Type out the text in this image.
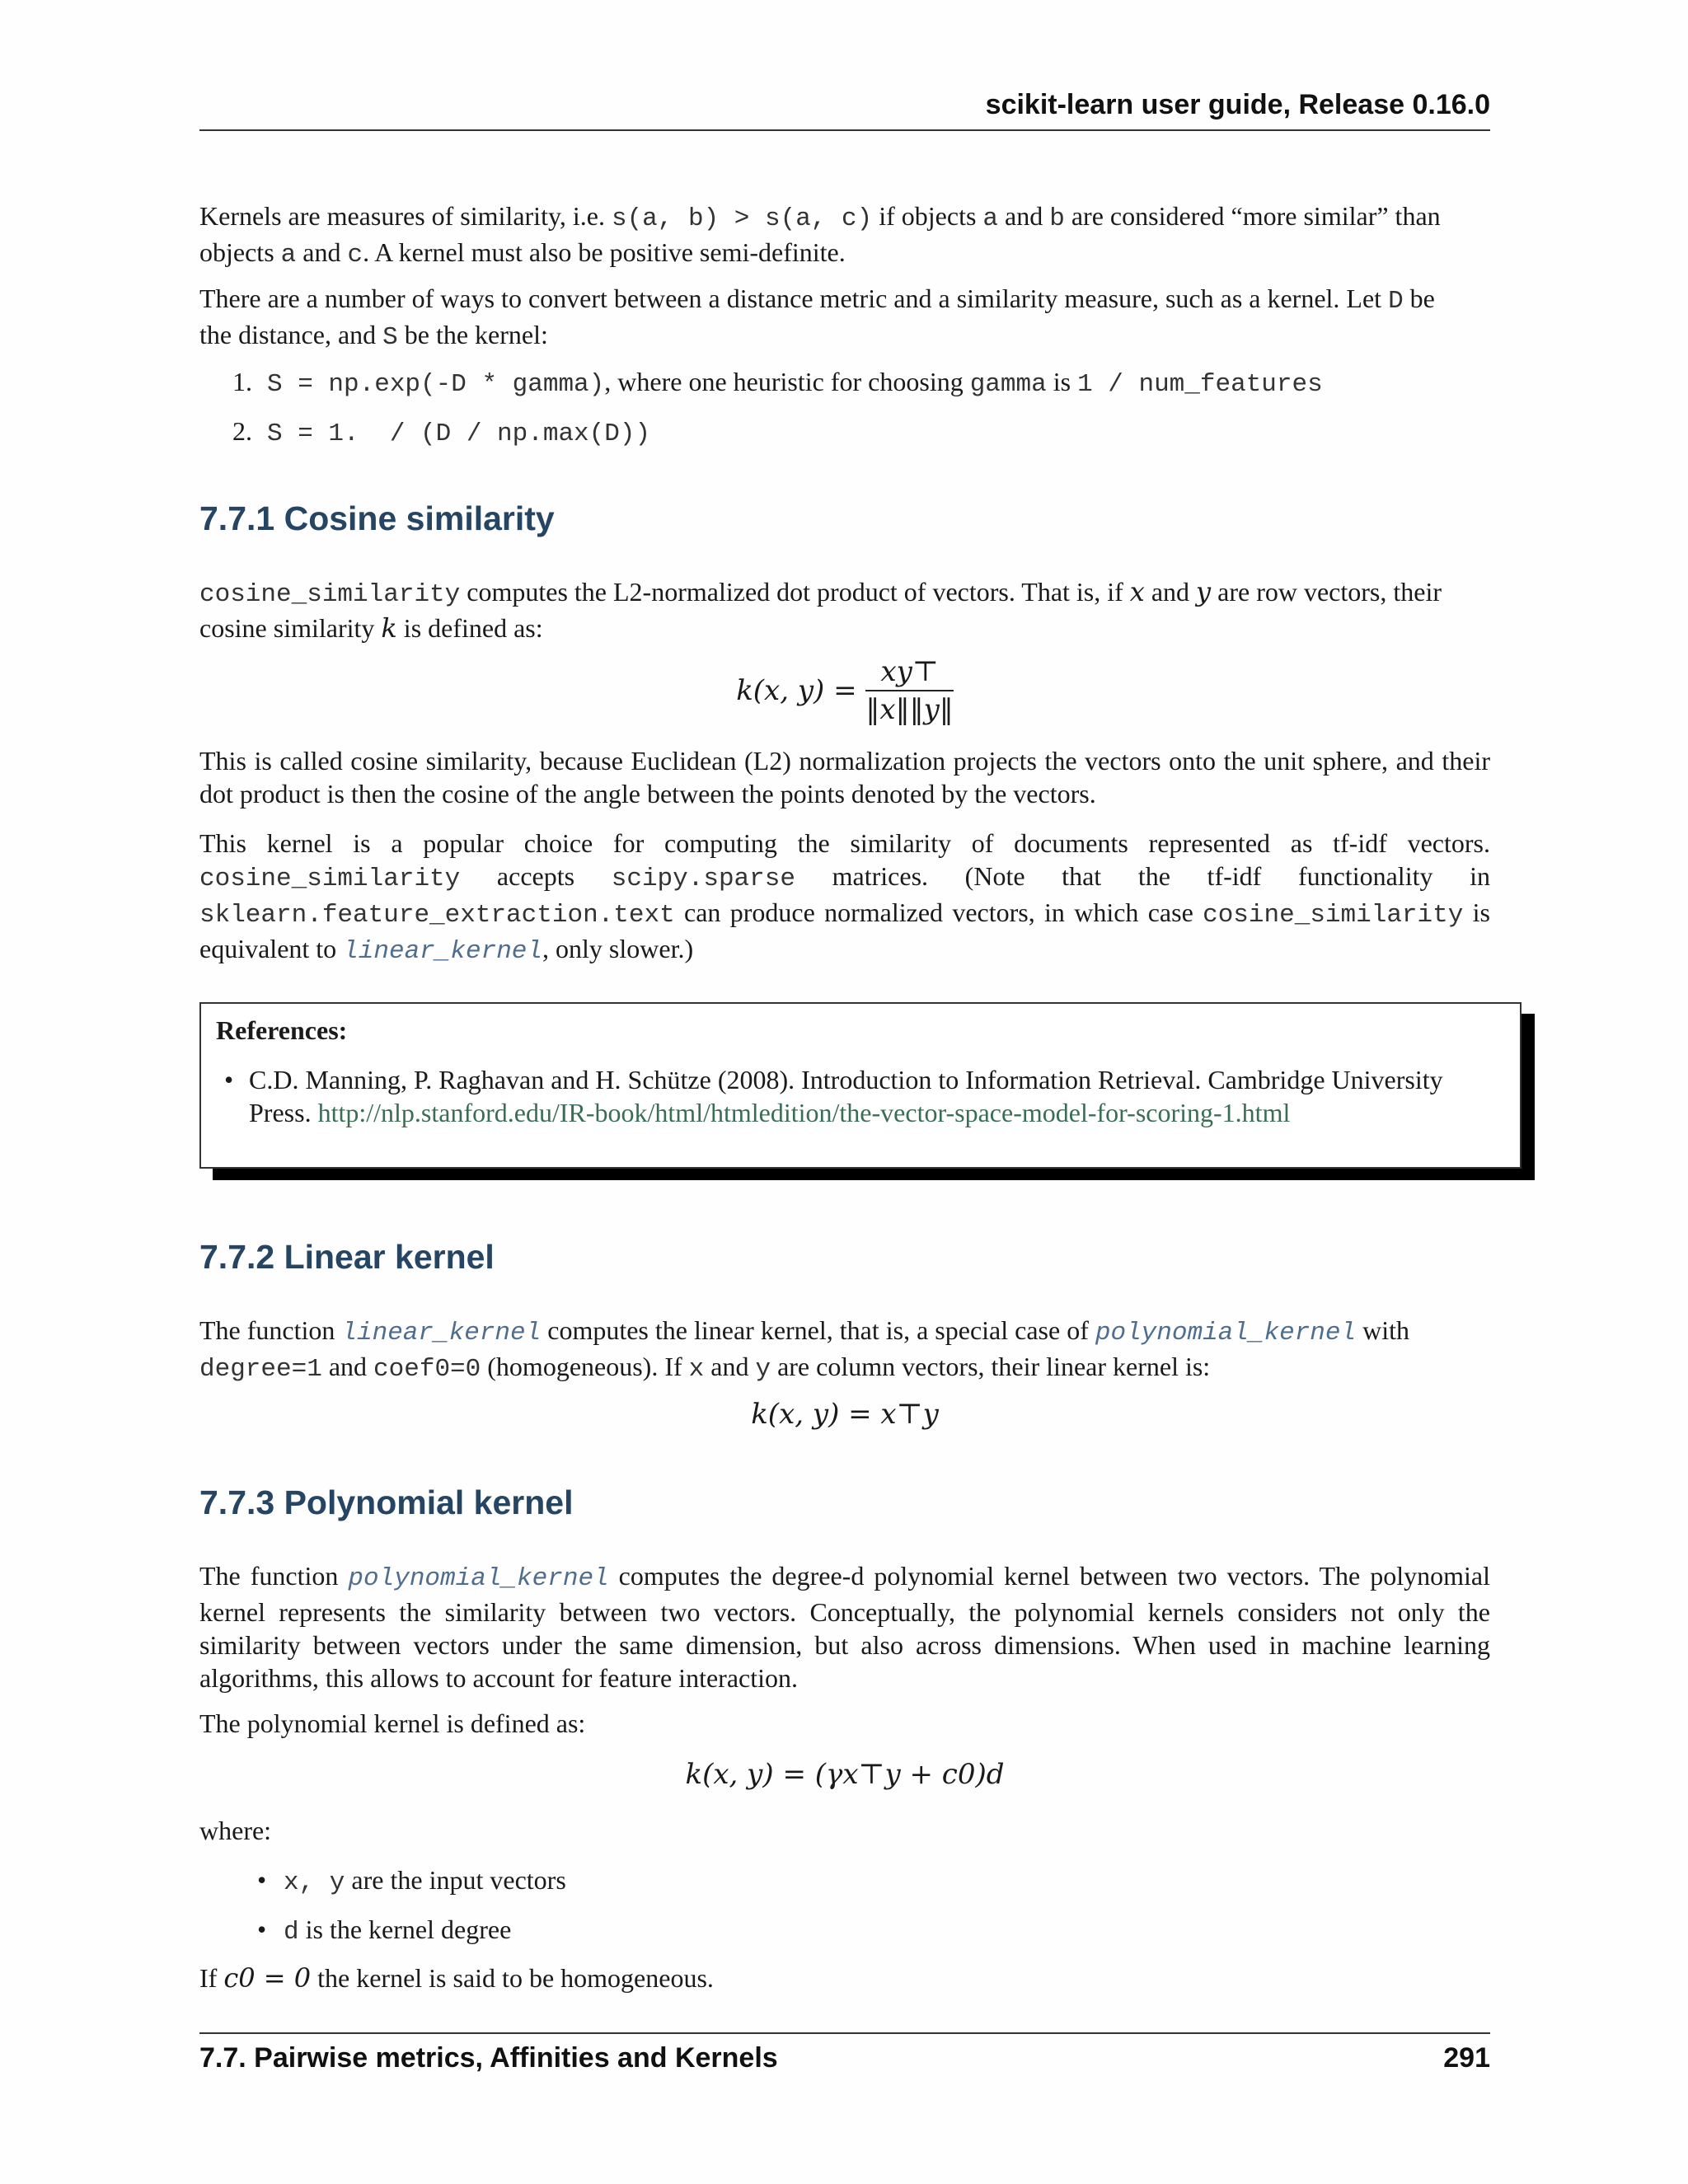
scikit-learn user guide, Release 0.16.0
Kernels are measures of similarity, i.e. s(a, b) > s(a, c) if objects a and b are considered “more similar” than
objects a and c. A kernel must also be positive semi-definite.
There are a number of ways to convert between a distance metric and a similarity measure, such as a kernel. Let D be
the distance, and S be the kernel:
1. S = np.exp(-D * gamma), where one heuristic for choosing gamma is 1 / num_features
2. S = 1.  / (D / np.max(D))
7.7.1 Cosine similarity
cosine_similarity computes the L2-normalized dot product of vectors. That is, if x and y are row vectors, their
cosine similarity k is defined as:
k(x, $y) = \frac{xy⊤}{‖x‖‖y‖}$
This is called cosine similarity, because Euclidean (L2) normalization projects the vectors onto the unit sphere, and their dot product is then the cosine of the angle between the points denoted by the vectors.
This kernel is a popular choice for computing the similarity of documents represented as tf-idf vectors. cosine_similarity accepts scipy.sparse matrices. (Note that the tf-idf functionality in sklearn.feature_extraction.text can produce normalized vectors, in which case cosine_similarity is equivalent to linear_kernel, only slower.)
References:
• C.D. Manning, P. Raghavan and H. Schütze (2008). Introduction to Information Retrieval. Cambridge University Press. http://nlp.stanford.edu/IR-book/html/htmledition/the-vector-space-model-for-scoring-1.html
7.7.2 Linear kernel
The function linear_kernel computes the linear kernel, that is, a special case of polynomial_kernel with
degree=1 and coef0=0 (homogeneous). If x and y are column vectors, their linear kernel is:
k(x, y) = x⊤y
7.7.3 Polynomial kernel
The function polynomial_kernel computes the degree-d polynomial kernel between two vectors. The polynomial kernel represents the similarity between two vectors. Conceptually, the polynomial kernels considers not only the similarity between vectors under the same dimension, but also across dimensions. When used in machine learning algorithms, this allows to account for feature interaction.
The polynomial kernel is defined as:
k(x, y) = (γx⊤y + c0)d
where:
• x, y are the input vectors
• d is the kernel degree
If c0 = 0 the kernel is said to be homogeneous.
7.7. Pairwise metrics, Affinities and Kernels	291
